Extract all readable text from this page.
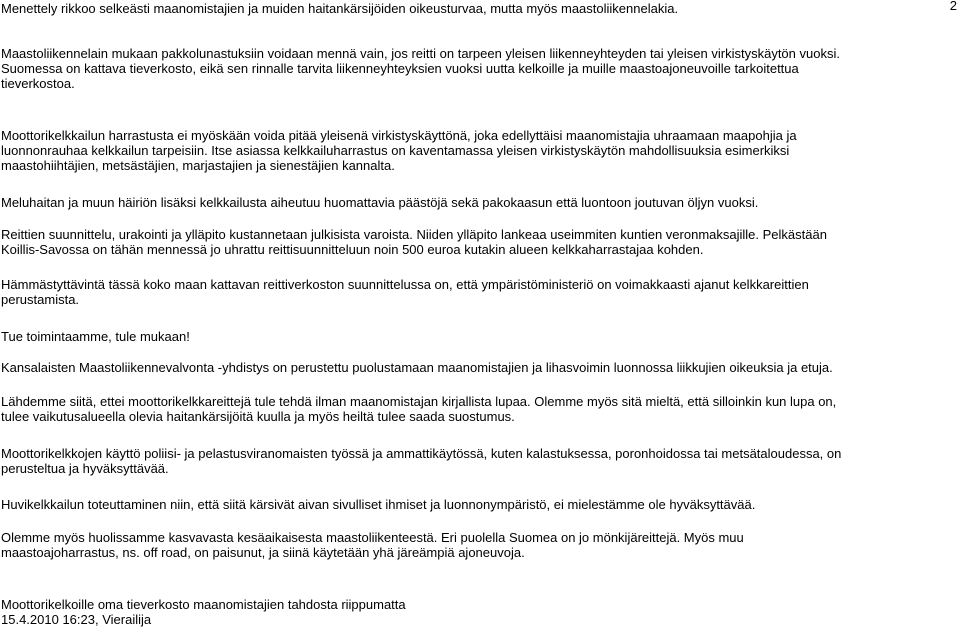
2
Menettely rikkoo selkeästi maanomistajien ja muiden haitankärsijöiden oikeusturvaa, mutta myös maastoliikennelakia.
Maastoliikennelain mukaan pakkolunastuksiin voidaan mennä vain, jos reitti on tarpeen yleisen liikenneyhteyden tai yleisen virkistyskäytön vuoksi.
Suomessa on kattava tieverkosto, eikä sen rinnalle tarvita liikenneyhteyksien vuoksi uutta kelkoille ja muille maastoajoneuvoille tarkoitettua
tieverkostoa.
Moottorikelkkailun harrastusta ei myöskään voida pitää yleisenä virkistyskäyttönä, joka edellyttäisi maanomistajia uhraamaan maapohjia ja
luonnonrauhaa kelkkailun tarpeisiin. Itse asiassa kelkkailuharrastus on kaventamassa yleisen virkistyskäytön mahdollisuuksia esimerkiksi
maastohiihtäjien, metsästäjien, marjastajien ja sienestäjien kannalta.
Meluhaitan ja muun häiriön lisäksi kelkkailusta aiheutuu huomattavia päästöjä sekä pakokaasun että luontoon joutuvan öljyn vuoksi.
Reittien suunnittelu, urakointi ja ylläpito kustannetaan julkisista varoista. Niiden ylläpito lankeaa useimmiten kuntien veronmaksajille. Pelkästään
Koillis-Savossa on tähän mennessä jo uhrattu reittisuunnitteluun noin 500 euroa kutakin alueen kelkkaharrastajaa kohden.
Hämmästyttävintä tässä koko maan kattavan reittiverkoston suunnittelussa on, että ympäristöministeriö on voimakkaasti ajanut kelkkareittien
perustamista.
Tue toimintaamme, tule mukaan!
Kansalaisten Maastoliikennevalvonta -yhdistys on perustettu puolustamaan maanomistajien ja lihasvoimin luonnossa liikkujien oikeuksia ja etuja.
Lähdemme siitä, ettei moottorikelkkareittejä tule tehdä ilman maanomistajan kirjallista lupaa. Olemme myös sitä mieltä, että silloinkin kun lupa on,
tulee vaikutusalueella olevia haitankärsijöitä kuulla ja myös heiltä tulee saada suostumus.
Moottorikelkkojen käyttö poliisi- ja pelastusviranomaisten työssä ja ammattikäytössä, kuten kalastuksessa, poronhoidossa tai metsätaloudessa, on
perusteltua ja hyväksyttävää.
Huvikelkkailun toteuttaminen niin, että siitä kärsivät aivan sivulliset ihmiset ja luonnonympäristö, ei mielestämme ole hyväksyttävää.
Olemme myös huolissamme kasvavasta kesäaikaisesta maastoliikenteestä. Eri puolella Suomea on jo mönkijäreittejä. Myös muu
maastoajoharrastus, ns. off road, on paisunut, ja siinä käytetään yhä järeämpiä ajoneuvoja.
Moottorikelkoille oma tieverkosto maanomistajien tahdosta riippumatta
15.4.2010 16:23, Vierailija
